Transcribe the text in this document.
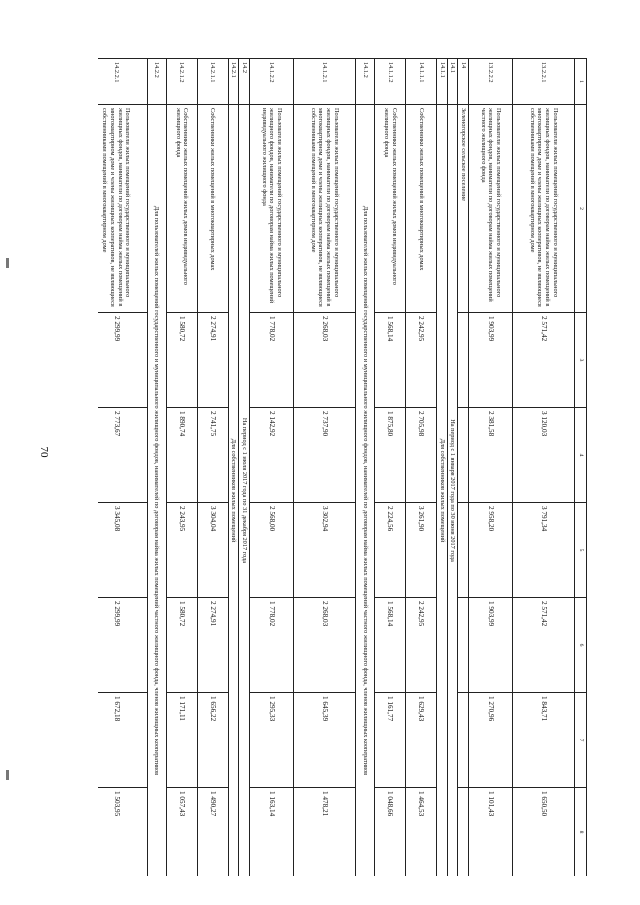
70
1	2	3	4	5	6	7	8
13.2.2.1	Пользователи жилых помещений государственного и муниципального жилищных фондов, наниматели по договорам найма жилых помещений в многоквартирном доме и члены жилищных кооперативов, не являющиеся собственниками помещений в многоквартирном доме	2 571,42	3 120,03	3 791,34	2 571,42	1 843,71	1 650,50
13.2.2.2	Пользователи жилых помещений государственного и муниципального жилищных фондов, наниматели по договорам найма жилых помещений частного жилищного фонда	1 903,99	2 381,58	2 958,20	1 903,99	1 270,96	1 101,43
14	Зеленогорское сельское поселение						
14.1	На период с 1 января 2017 года по 30 июня 2017 года						
14.1.1	Для собственников жилых помещений						
14.1.1.1	Собственники жилых помещений в многоквартирных домах	2 242,95	2 705,98	3 261,90	2 242,95	1 629,43	1 464,53
14.1.1.2	Собственники жилых помещений жилых домов индивидуального жилищного фонда	1 568,14	1 875,80	2 224,56	1 568,14	1 161,77	1 048,66
14.1.2	Для пользователей жилых помещений государственного и муниципального жилищного фондов, нанимателей по договорам найма жилых помещений частного жилищного фонда, членов жилищных кооперативов						
14.1.2.1	Пользователи жилых помещений государственного и муниципального жилищных фондов, наниматели по договорам найма жилых помещений в многоквартирном доме и члены жилищных кооперативов, не являющиеся собственниками помещений в многоквартирном доме	2 268,03	2 737,90	3 302,94	2 268,03	1 645,39	1 478,21
14.1.2.2	Пользователи жилых помещений государственного и муниципального жилищного фондов, наниматели по договорам найма жилых помещений индивидуального жилищного фонда	1 778,02	2 142,92	2 568,00	1 778,02	1 295,33	1 163,14
14.2	На период с 1 июля 2017 года по 31 декабря 2017 года						
14.2.1	Для собственников жилых помещений						
14.2.1.1	Собственники жилых помещений в многоквартирных домах	2 274,91	2 741,75	3 304,04	2 274,91	1 656,22	1 490,27
14.2.1.2	Собственники жилых помещений жилых домов индивидуального жилищного фонда	1 580,72	1 890,74	2 243,95	1 580,72	1 171,11	1 057,43
14.2.2	Для пользователей жилых помещений государственного и муниципального жилищного фондов, нанимателей по договорам найма жилых помещений частного жилищного фонда, членов жилищных кооперативов						
14.2.2.1	Пользователи жилых помещений государственного и муниципального жилищных фондов, наниматели по договорам найма жилых помещений в многоквартирном доме и члены жилищных кооперативов, не являющиеся собственниками помещений в многоквартирном доме	2 299,99	2 773,67	3 345,08	2 299,99	1 672,18	1 503,95
